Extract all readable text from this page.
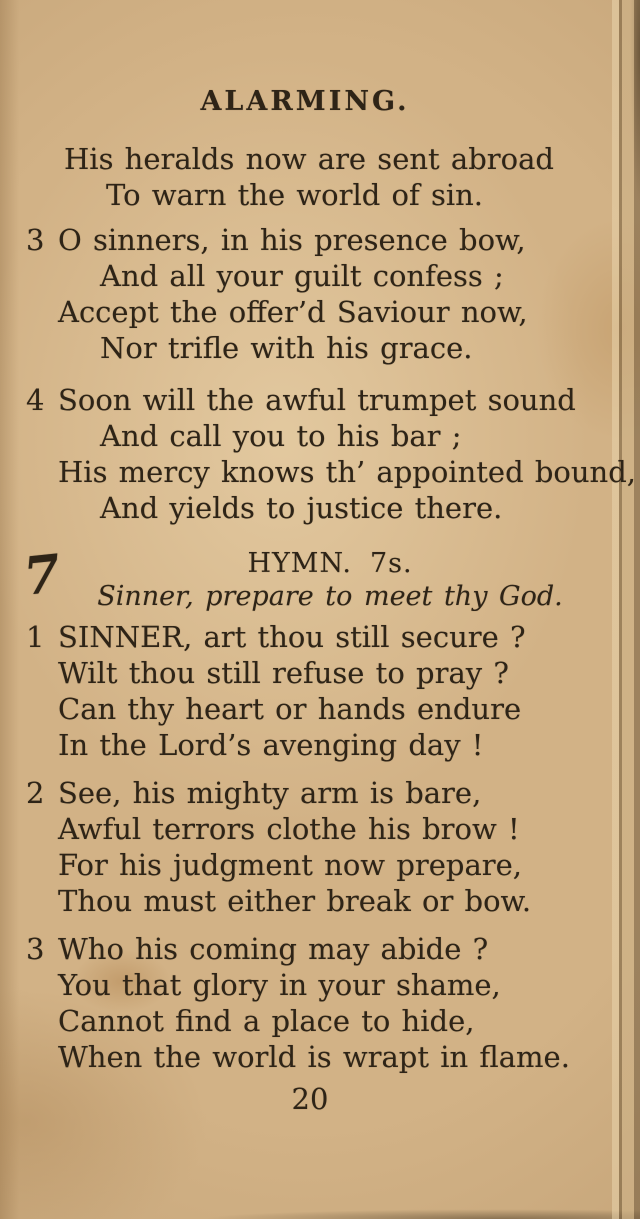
ALARMING.
His heralds now are sent abroad
To warn the world of sin.
3 O sinners, in his presence bow,
And all your guilt confess ;
Accept the offer’d Saviour now,
Nor trifle with his grace.
4 Soon will the awful trumpet sound
And call you to his bar ;
His mercy knows th’ appointed bound,
And yields to justice there.
7	HYMN. 7s.
Sinner, prepare to meet thy God.
1 SINNER, art thou still secure ?
Wilt thou still refuse to pray ?
Can thy heart or hands endure
In the Lord’s avenging day !
2 See, his mighty arm is bare,
Awful terrors clothe his brow !
For his judgment now prepare,
Thou must either break or bow.
3 Who his coming may abide ?
You that glory in your shame,
Cannot find a place to hide,
When the world is wrapt in flame.
20
